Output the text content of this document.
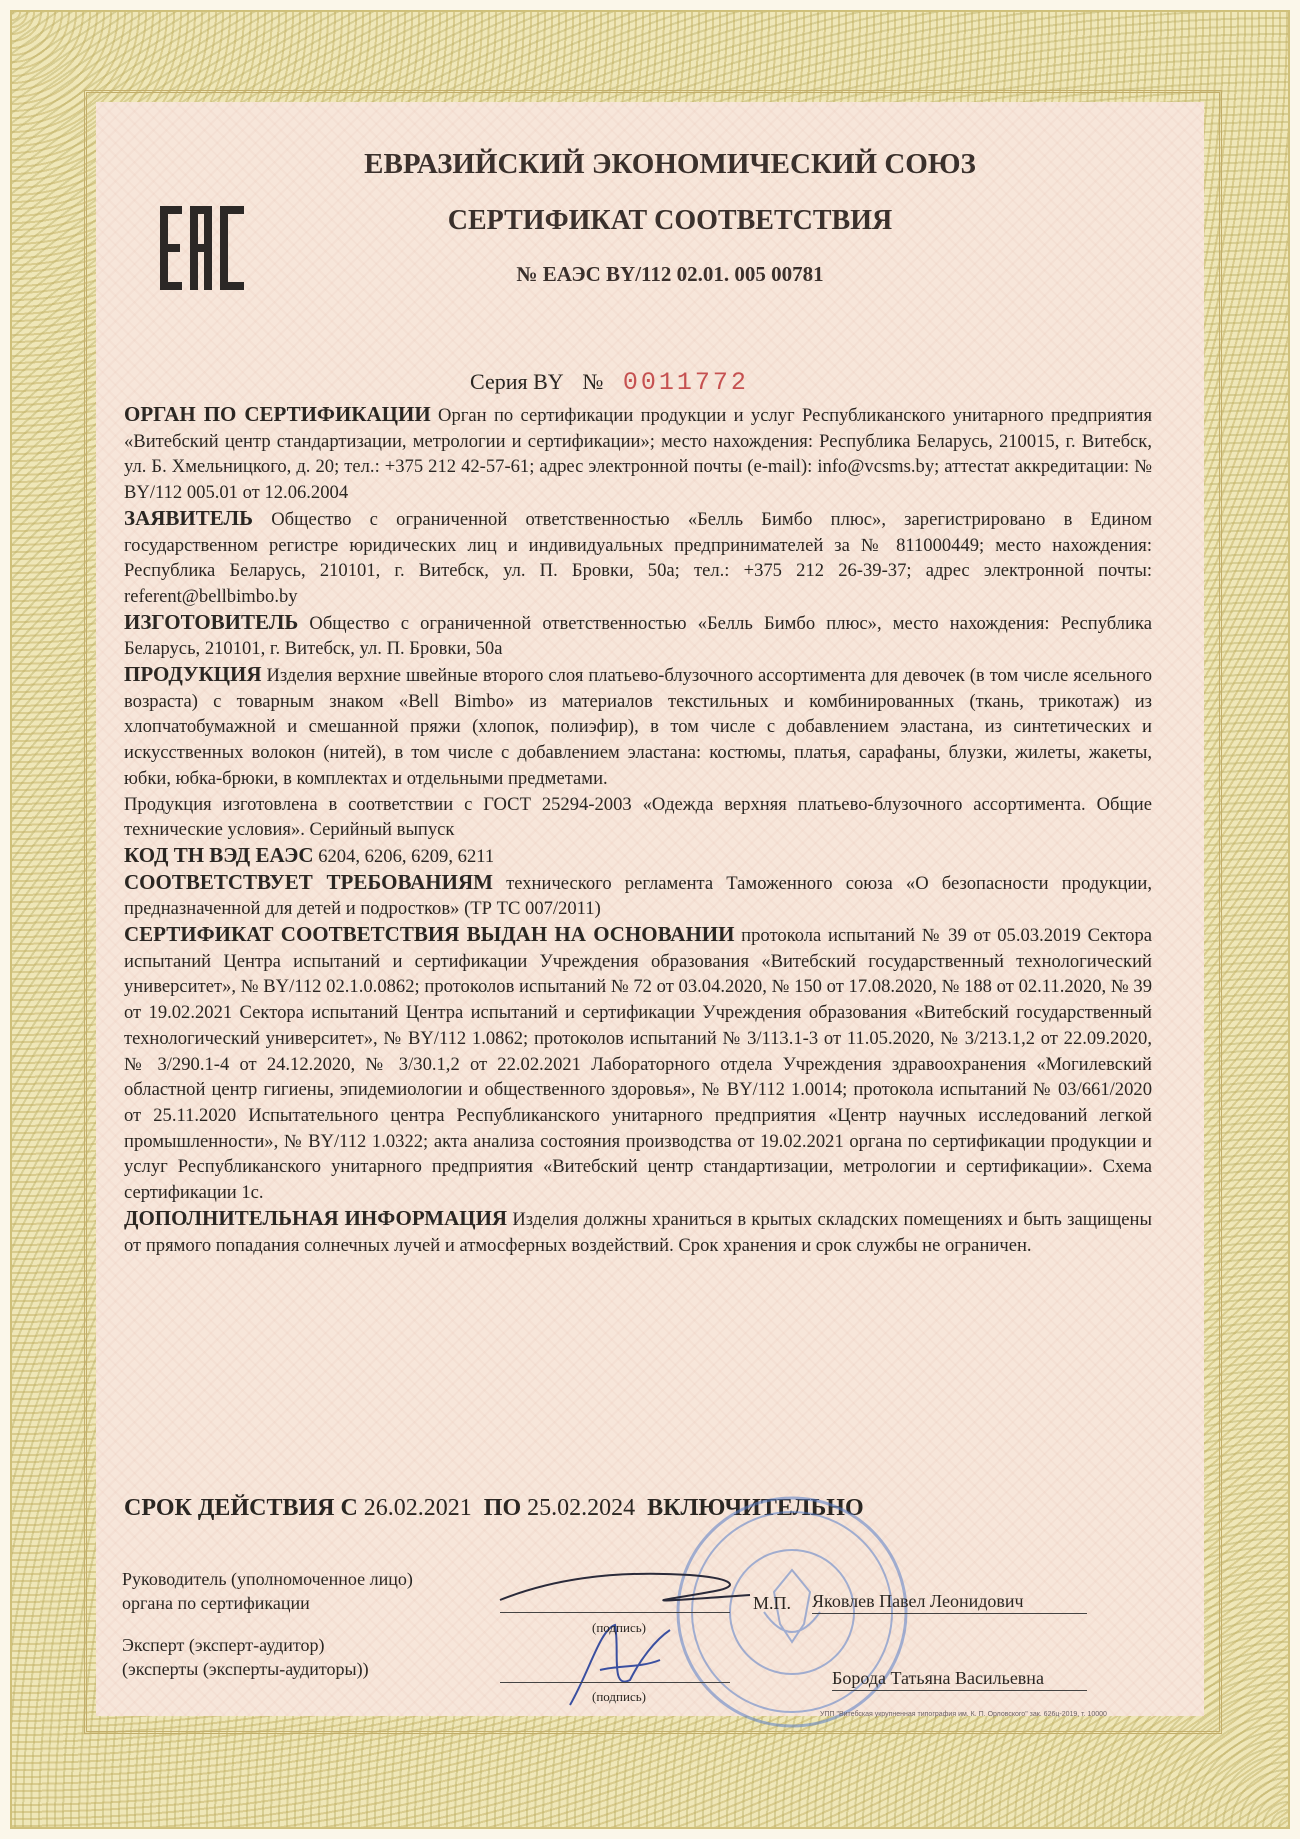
ЕВРАЗИЙСКИЙ ЭКОНОМИЧЕСКИЙ СОЮЗ
СЕРТИФИКАТ СООТВЕТСТВИЯ
№ ЕАЭС BY/112 02.01. 005 00781
Серия BY № 0011772

ОРГАН ПО СЕРТИФИКАЦИИ Орган по сертификации продукции и услуг Республиканского унитарного предприятия «Витебский центр стандартизации, метрологии и сертификации»; место нахождения: Республика Беларусь, 210015, г. Витебск, ул. Б. Хмельницкого, д. 20; тел.: +375 212 42-57-61; адрес электронной почты (e-mail): info@vcsms.by; аттестат аккредитации: № BY/112 005.01 от 12.06.2004

ЗАЯВИТЕЛЬ Общество с ограниченной ответственностью «Белль Бимбо плюс», зарегистрировано в Едином государственном регистре юридических лиц и индивидуальных предпринимателей за № 811000449; место нахождения: Республика Беларусь, 210101, г. Витебск, ул. П. Бровки, 50а; тел.: +375 212 26-39-37; адрес электронной почты: referent@bellbimbo.by

ИЗГОТОВИТЕЛЬ Общество с ограниченной ответственностью «Белль Бимбо плюс», место нахождения: Республика Беларусь, 210101, г. Витебск, ул. П. Бровки, 50а

ПРОДУКЦИЯ Изделия верхние швейные второго слоя платьево-блузочного ассортимента для девочек (в том числе ясельного возраста) с товарным знаком «Bell Bimbo» из материалов текстильных и комбинированных (ткань, трикотаж) из хлопчатобумажной и смешанной пряжи (хлопок, полиэфир), в том числе с добавлением эластана, из синтетических и искусственных волокон (нитей), в том числе с добавлением эластана: костюмы, платья, сарафаны, блузки, жилеты, жакеты, юбки, юбка-брюки, в комплектах и отдельными предметами.

Продукция изготовлена в соответствии с ГОСТ 25294-2003 «Одежда верхняя платьево-блузочного ассортимента. Общие технические условия». Серийный выпуск

КОД ТН ВЭД ЕАЭС 6204, 6206, 6209, 6211

СООТВЕТСТВУЕТ ТРЕБОВАНИЯМ технического регламента Таможенного союза «О безопасности продукции, предназначенной для детей и подростков» (ТР ТС 007/2011)

СЕРТИФИКАТ СООТВЕТСТВИЯ ВЫДАН НА ОСНОВАНИИ протокола испытаний № 39 от 05.03.2019 Сектора испытаний Центра испытаний и сертификации Учреждения образования «Витебский государственный технологический университет», № BY/112 02.1.0.0862; протоколов испытаний № 72 от 03.04.2020, № 150 от 17.08.2020, № 188 от 02.11.2020, № 39 от 19.02.2021 Сектора испытаний Центра испытаний и сертификации Учреждения образования «Витебский государственный технологический университет», № BY/112 1.0862; протоколов испытаний № 3/113.1-3 от 11.05.2020, № 3/213.1,2 от 22.09.2020, № 3/290.1-4 от 24.12.2020, № 3/30.1,2 от 22.02.2021 Лабораторного отдела Учреждения здравоохранения «Могилевский областной центр гигиены, эпидемиологии и общественного здоровья», № BY/112 1.0014; протокола испытаний № 03/661/2020 от 25.11.2020 Испытательного центра Республиканского унитарного предприятия «Центр научных исследований легкой промышленности», № BY/112 1.0322; акта анализа состояния производства от 19.02.2021 органа по сертификации продукции и услуг Республиканского унитарного предприятия «Витебский центр стандартизации, метрологии и сертификации». Схема сертификации 1с.

ДОПОЛНИТЕЛЬНАЯ ИНФОРМАЦИЯ Изделия должны храниться в крытых складских помещениях и быть защищены от прямого попадания солнечных лучей и атмосферных воздействий. Срок хранения и срок службы не ограничен.

СРОК ДЕЙСТВИЯ С 26.02.2021 ПО 25.02.2024 ВКЛЮЧИТЕЛЬНО
Руководитель (уполномоченное лицо)
органа по сертификации
Эксперт (эксперт-аудитор)
(эксперты (эксперты-аудиторы))
(подпись)
(подпись)
М.П. Яковлев Павел Леонидович
Борода Татьяна Васильевна
УПП "Витебская укрупненная типография им. К. П. Орловского" зак. 626ц-2019, т. 10000
